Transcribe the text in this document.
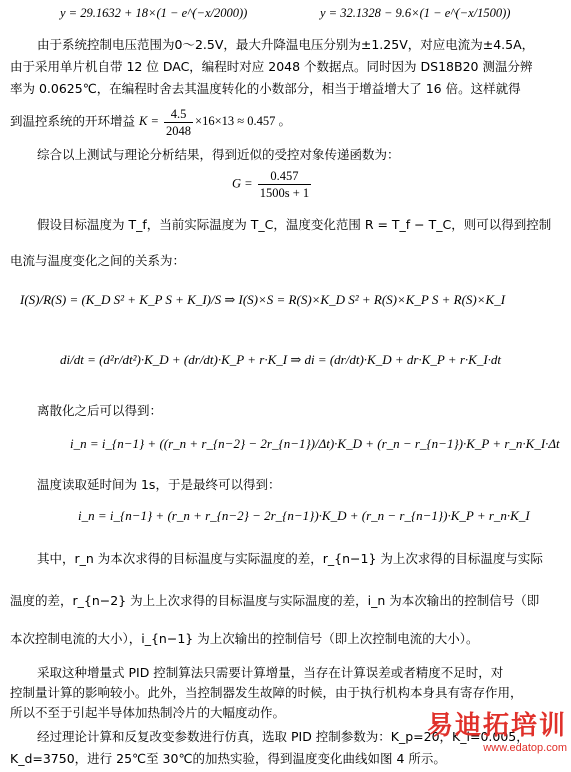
y = 29.1632 + 18×(1 − e^(−x/2000))	y = 32.1328 − 9.6×(1 − e^(−x/1500))
由于系统控制电压范围为0～2.5V，最大升降温电压分别为±1.25V，对应电流为±4.5A，
由于采用单片机自带 12 位 DAC，编程时对应 2048 个数据点。同时因为 DS18B20 测温分辨
率为 0.0625℃，在编程时舍去其温度转化的小数部分，相当于增益增大了 16 倍。这样就得
到温控系统的开环增益 $K = \frac{4.5}{2048} \times 16\times 13 \approx 0.457$ 。
综合以上测试与理论分析结果，得到近似的受控对象传递函数为：
$G = \frac{0.457}{1500s + 1}$
假设目标温度为 T_f，当前实际温度为 T_C，温度变化范围 R = T_f − T_C，则可以得到控制
电流与温度变化之间的关系为：
I(S)/R(S) = (K_D S² + K_P S + K_I)/S ⇒ I(S)×S = R(S)×K_D S² + R(S)×K_P S + R(S)×K_I
di/dt = (d²r/dt²)·K_D + (dr/dt)·K_P + r·K_I ⇒ di = (dr/dt)·K_D + dr·K_P + r·K_I·dt
离散化之后可以得到：
i_n = i_{n−1} + ((r_n + r_{n−2} − 2r_{n−1})/Δt)·K_D + (r_n − r_{n−1})·K_P + r_n·K_I·Δt
温度读取延时间为 1s，于是最终可以得到：
i_n = i_{n−1} + (r_n + r_{n−2} − 2r_{n−1})·K_D + (r_n − r_{n−1})·K_P + r_n·K_I
其中，r_n 为本次求得的目标温度与实际温度的差，r_{n−1} 为上次求得的目标温度与实际
温度的差，r_{n−2} 为上上次求得的目标温度与实际温度的差，i_n 为本次输出的控制信号（即
本次控制电流的大小），i_{n−1} 为上次输出的控制信号（即上次控制电流的大小）。
采取这种增量式 PID 控制算法只需要计算增量，当存在计算误差或者精度不足时，对
控制量计算的影响较小。此外，当控制器发生故障的时候，由于执行机构本身具有寄存作用，
所以不至于引起半导体加热制冷片的大幅度动作。
经过理论计算和反复改变参数进行仿真，选取 PID 控制参数为：K_p=20，K_i=0.005，
K_d=3750，进行 25℃至 30℃的加热实验，得到温度变化曲线如图 4 所示。
易迪拓培训
www.edatop.com
